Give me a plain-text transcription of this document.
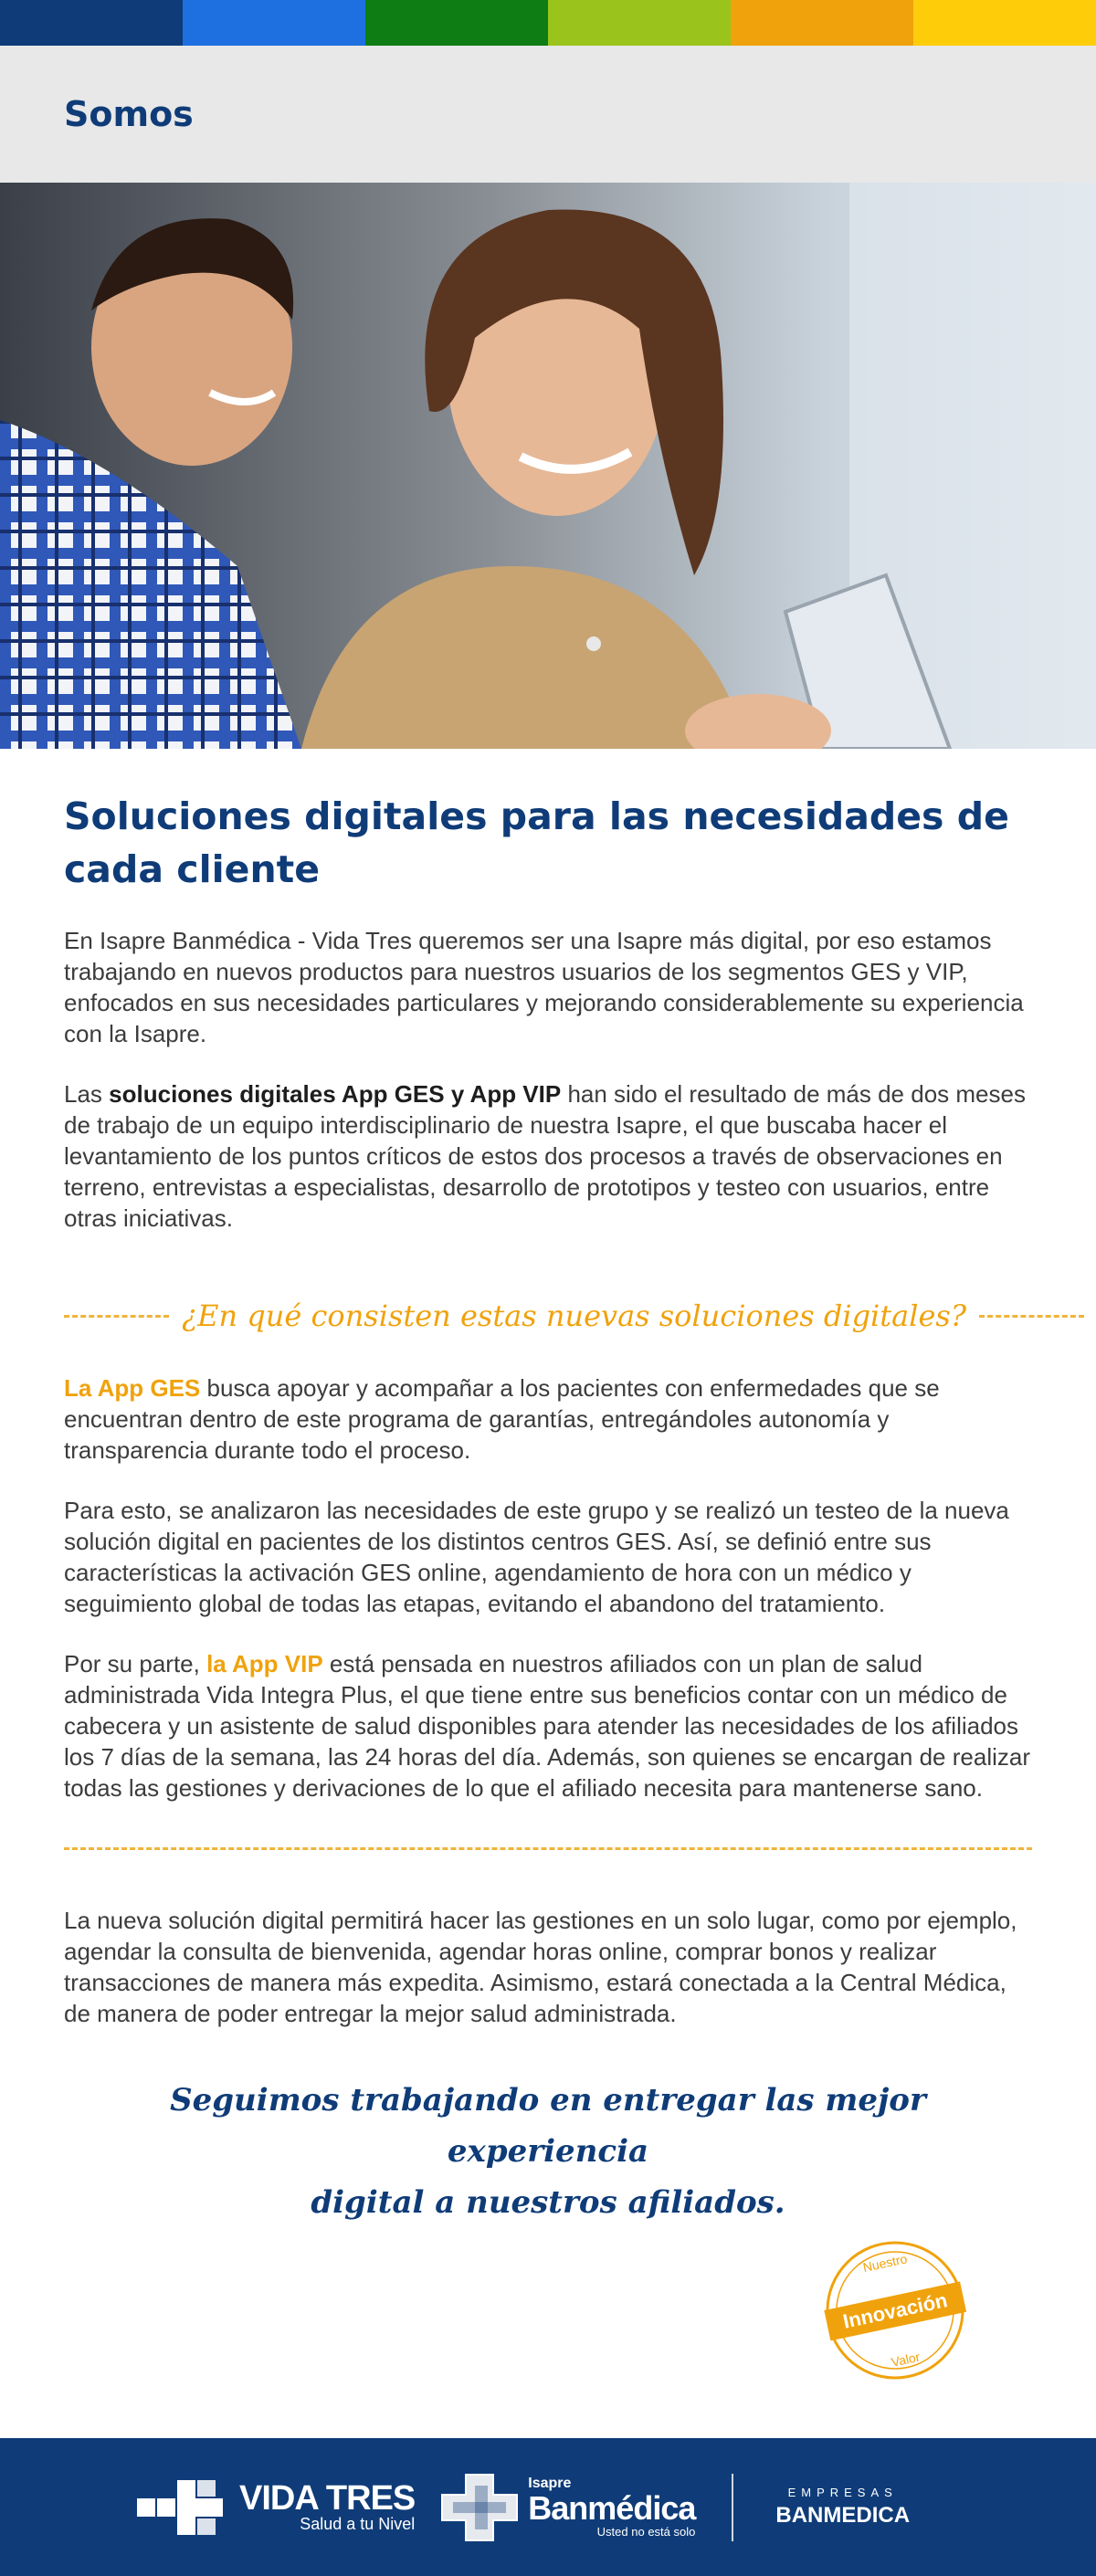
Somos
Soluciones digitales para las necesidades de cada cliente

En Isapre Banmédica - Vida Tres queremos ser una Isapre más digital, por eso estamos trabajando en nuevos productos para nuestros usuarios de los segmentos GES y VIP, enfocados en sus necesidades particulares y mejorando considerablemente su experiencia con la Isapre.

Las soluciones digitales App GES y App VIP han sido el resultado de más de dos meses de trabajo de un equipo interdisciplinario de nuestra Isapre, el que buscaba hacer el levantamiento de los puntos críticos de estos dos procesos a través de observaciones en terreno, entrevistas a especialistas, desarrollo de prototipos y testeo con usuarios, entre otras iniciativas.

¿En qué consisten estas nuevas soluciones digitales?

La App GES busca apoyar y acompañar a los pacientes con enfermedades que se encuentran dentro de este programa de garantías, entregándoles autonomía y transparencia durante todo el proceso.

Para esto, se analizaron las necesidades de este grupo y se realizó un testeo de la nueva solución digital en pacientes de los distintos centros GES. Así, se definió entre sus características la activación GES online, agendamiento de hora con un médico y seguimiento global de todas las etapas, evitando el abandono del tratamiento.

Por su parte, la App VIP está pensada en nuestros afiliados con un plan de salud administrada Vida Integra Plus, el que tiene entre sus beneficios contar con un médico de cabecera y un asistente de salud disponibles para atender las necesidades de los afiliados los 7 días de la semana, las 24 horas del día. Además, son quienes se encargan de realizar todas las gestiones y derivaciones de lo que el afiliado necesita para mantenerse sano.

La nueva solución digital permitirá hacer las gestiones en un solo lugar, como por ejemplo, agendar la consulta de bienvenida, agendar horas online, comprar bonos y realizar transacciones de manera más expedita. Asimismo, estará conectada a la Central Médica, de manera de poder entregar la mejor salud administrada.

Seguimos trabajando en entregar las mejor experiencia
digital a nuestros afiliados.
Nuestro
Innovación
Valor
VIDA TRES
Salud a tu Nivel
Isapre
Banmédica
Usted no está solo
EMPRESAS
BANMEDICA
